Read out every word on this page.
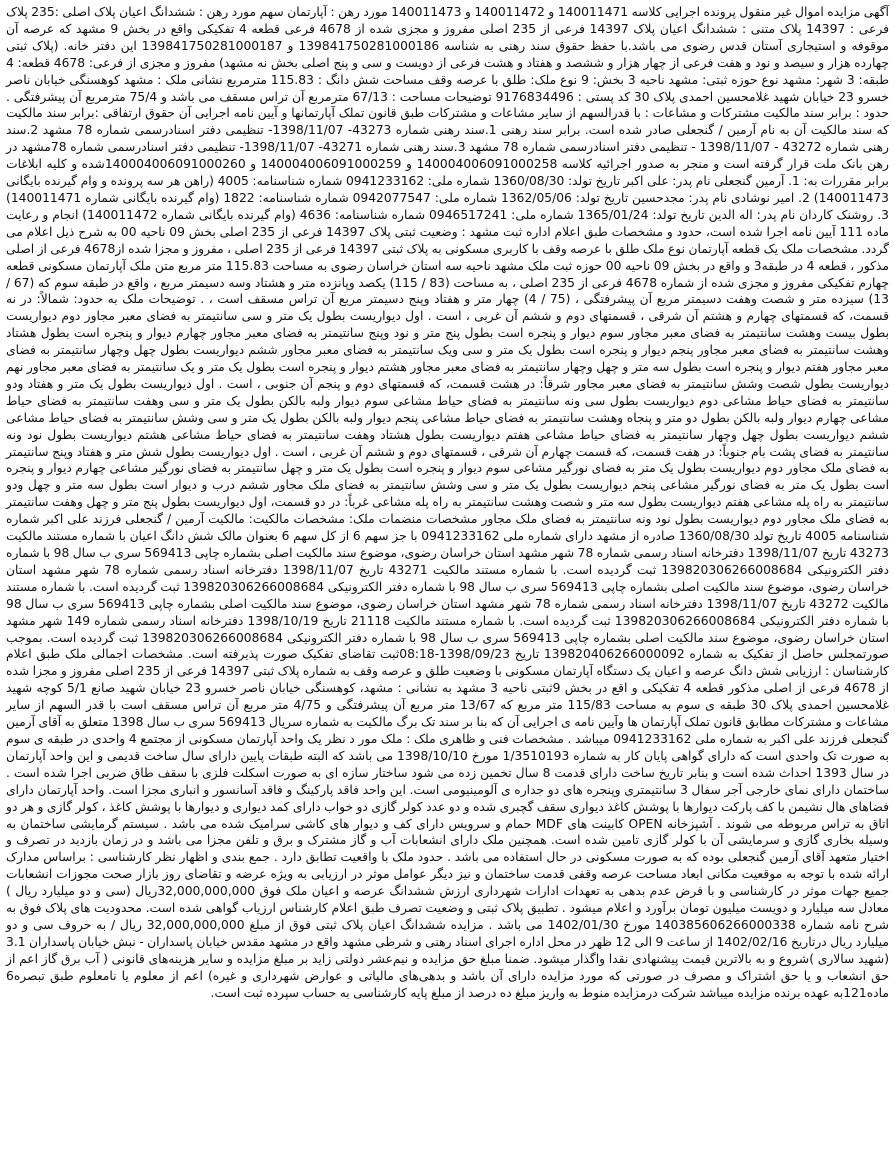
آگهی مزایده اموال غیر منقول پرونده اجرایی کلاسه 140011471 و 140011472 و 140011473 مورد رهن : آپارتمان سهم مورد رهن : ششدانگ اعیان پلاک اصلی :235 پلاک فرعی : 14397 پلاک متنی : ششدانگ اعیان پلاک 14397 فرعی از 235 اصلی مفروز و مجزی شده از 4678 فرعی قطعه 4 تفکیکی واقع در بخش 9 مشهد که عرصه آن موقوفه و استیجاری آستان قدس رضوی می باشد.با حفظ حقوق سند رهنی به شناسه 139841750281000186 و 139841750281000187 این دفتر خانه. (پلاک ثبتی چهارده هزار و سیصد و نود و هفت فرعی از چهار هزار و ششصد و هفتاد و هشت فرعی از دویست و سی و پنج اصلی بخش نه مشهد) مفروز و مجزی از فرعی: 4678 قطعه: 4 طبقه: 3 شهر: مشهد نوع حوزه ثبتی: مشهد ناحیه 3 بخش: 9 نوع ملک: طلق با عرصه وقف مساحت شش دانگ : 115.83 مترمربع نشانی ملک : مشهد کوهسنگی خیابان ناصر خسرو 23 خیابان شهید غلامحسین احمدی پلاک 30 کد پستی : 9176834496 توضیحات مساحت : 67/13 مترمربع آن تراس مسقف می باشد و 75/4 مترمربع آن پیشرفتگی . حدود : برابر سند مالکیت مشترکات و مشاعات : با قدرالسهم از سایر مشاعات و مشترکات طبق قانون تملک آپارتمانها و آیین نامه اجرایی آن حقوق ارتفاقی :برابر سند مالکیت که سند مالکیت آن به نام آرمین / گنجعلی صادر شده است. برابر سند رهنی 1.سند رهنی شماره 43273- 1398/11/07- تنظیمی دفتر اسنادرسمی شماره 78 مشهد 2.سند رهنی شماره 43272 - 1398/11/07 - تنظیمی دفتر اسنادرسمی شماره 78 مشهد 3.سند رهنی شماره 43271- 1398/11/07- تنظیمی دفتر اسنادرسمی شماره 78مشهد در رهن بانک ملت قرار گرفته است و منجر به صدور اجرائیه کلاسه 140004006091000258 و 140004006091000259 و 140004006091000260شده و کلیه ابلاغات برابر مقررات به: 1. آرمین گنجعلی نام پدر: علی اکبر تاریخ تولد: 1360/08/30 شماره ملی: 0941233162 شماره شناسنامه: 4005 (راهن هر سه پرونده و وام گیرنده بایگانی 140011473) 2. امیر نوشادی نام پدر: مجدحسین تاریخ تولد: 1362/05/06 شماره ملی: 0942077547 شماره شناسنامه: 1822 (وام گیرنده بایگانی شماره 140011471) 3. روشنک کاردان نام پدر: اله الدین تاریخ تولد: 1365/01/24 شماره ملی: 0946517241 شماره شناسنامه: 4636 (وام گیرنده بایگانی شماره 140011472) انجام و رعایت ماده 111 آیین نامه اجرا شده است، حدود و مشخصات طبق اعلام اداره ثبت مشهد : وضعیت ثبتی پلاک 14397 فرعی از 235 اصلی بخش 09 ناحیه 00 به شرح ذیل اعلام می گردد. مشخصات ملک یک قطعه آپارتمان نوع ملک طلق با عرصه وقف با کاربری مسکونی به پلاک ثبتی 14397 فرعی از 235 اصلی ، مفروز و مجزا شده از4678 فرعی از اصلی مذکور ، قطعه 4 در طبقه3 و واقع در بخش 09 ناحیه 00 حوزه ثبت ملک مشهد ناحیه سه استان خراسان رضوی به مساحت 115.83 متر مربع متن ملک آپارتمان مسکونی قطعه چهارم تفکیکی مفروز و مجزی شده از شماره 4678 فرعی از 235 اصلی ، به مساحت (83 / 115) یکصد وپانزده متر و هشتاد وسه دسیمتر مربع ، واقع در طبقه سوم که (67 / 13) سیزده متر و شصت وهفت دسیمتر مربع آن پیشرفتگی ، (75 / 4) چهار متر و هفتاد وپنج دسیمتر مربع آن تراس مسقف است ، . توضیحات ملک به حدود: شمالاً: در نه قسمت، که قسمتهای چهارم و هشتم آن شرقی ، قسمتهای دوم و ششم آن غربی ، است . اول دیواریست بطول یک متر و سی سانتیمتر به فضای معبر مجاور دوم دیواریست بطول بیست وهشت سانتیمتر به فضای معبر مجاور سوم دیوار و پنجره است بطول پنج متر و نود وپنج سانتیمتر به فضای معبر مجاور چهارم دیوار و پنجره است بطول هشتاد وهشت سانتیمتر به فضای معبر مجاور پنجم دیوار و پنجره است بطول یک متر و سی ویک سانتیمتر به فضای معبر مجاور ششم دیواریست بطول چهل وچهار سانتیمتر به فضای معبر مجاور هفتم دیوار و پنجره است بطول سه متر و چهل وچهار سانتیمتر به فضای معبر مجاور هشتم دیوار و پنجره است بطول یک متر و یک سانتیمتر به فضای معبر مجاور نهم دیواریست بطول شصت وشش سانتیمتر به فضای معبر مجاور شرقاً: در هشت قسمت، که قسمتهای دوم و پنجم آن جنوبی ، است . اول دیواریست بطول یک متر و هفتاد ودو سانتیمتر به فضای حیاط مشاعی دوم دیواریست بطول سی ونه سانتیمتر به فضای حیاط مشاعی سوم دیوار ولبه بالکن بطول یک متر و سی وهفت سانتیمتر به فضای حیاط مشاعی چهارم دیوار ولبه بالکن بطول دو متر و پنجاه وهشت سانتیمتر به فضای حیاط مشاعی پنجم دیوار ولبه بالکن بطول یک متر و سی وشش سانتیمتر به فضای حیاط مشاعی ششم دیواریست بطول چهل وچهار سانتیمتر به فضای حیاط مشاعی هفتم دیواریست بطول هشتاد وهفت سانتیمتر به فضای حیاط مشاعی هشتم دیواریست بطول نود ونه سانتیمتر به فضای پشت بام جنوباً: در هفت قسمت، که قسمت چهارم آن شرقی ، قسمتهای دوم و ششم آن غربی ، است . اول دیواریست بطول شش متر و هفتاد وپنج سانتیمتر به فضای ملک مجاور دوم دیواریست بطول یک متر به فضای نورگیر مشاعی سوم دیوار و پنجره است بطول یک متر و چهل سانتیمتر به فضای نورگیر مشاعی چهارم دیوار و پنجره است بطول یک متر به فضای نورگیر مشاعی پنجم دیواریست بطول یک متر و سی وشش سانتیمتر به فضای ملک مجاور ششم درب و دیوار است بطول سه متر و چهل ودو سانتیمتر به راه پله مشاعی هفتم دیواریست بطول سه متر و شصت وهشت سانتیمتر به راه پله مشاعی غرباً: در دو قسمت، اول دیواریست بطول پنج متر و چهل وهفت سانتیمتر به فضای ملک مجاور دوم دیواریست بطول نود ونه سانتیمتر به فضای ملک مجاور مشخصات منضمات ملک: مشخصات مالکیت: مالکیت آرمین / گنجعلی فرزند علی اکبر شماره شناسنامه 4005 تاریخ تولد 1360/08/30 صادره از مشهد دارای شماره ملی 0941233162 با جز سهم 6 از کل سهم 6 بعنوان مالک شش دانگ اعیان با شماره مستند مالکیت 43273 تاریخ 1398/11/07 دفترخانه اسناد رسمی شماره 78 شهر مشهد استان خراسان رضوی، موضوع سند مالکیت اصلی بشماره چاپی 569413 سری ب سال 98 با شماره دفتر الکترونیکی 139820306266008684 ثبت گردیده است. با شماره مستند مالکیت 43271 تاریخ 1398/11/07 دفترخانه اسناد رسمی شماره 78 شهر مشهد استان خراسان رضوی، موضوع سند مالکیت اصلی بشماره چاپی 569413 سری ب سال 98 با شماره دفتر الکترونیکی 139820306266008684 ثبت گردیده است. با شماره مستند مالکیت 43272 تاریخ 1398/11/07 دفترخانه اسناد رسمی شماره 78 شهر مشهد استان خراسان رضوی، موضوع سند مالکیت اصلی بشماره چاپی 569413 سری ب سال 98 با شماره دفتر الکترونیکی 139820306266008684 ثبت گردیده است. با شماره مستند مالکیت 21118 تاریخ 1398/10/19 دفترخانه اسناد رسمی شماره 149 شهر مشهد استان خراسان رضوی، موضوع سند مالکیت اصلی بشماره چاپی 569413 سری ب سال 98 با شماره دفتر الکترونیکی 139820306266008684 ثبت گردیده است. بموجب صورتمجلس حاصل از تفکیک به شماره 139820406266000092 تاریخ 1398/09/23-08:18ثبت تقاضای تفکیک صورت پذیرفته است. مشخصات اجمالی ملک طبق اعلام کارشناسان : ارزیابی شش دانگ عرصه و اعیان یک دستگاه آپارتمان مسکونی با وضعیت طلق و عرصه وقف به شماره پلاک ثبتی 14397 فرعی از 235 اصلی مفروز و مجزا شده از 4678 فرعی از اصلی مذکور قطعه 4 تفکیکی و اقع در بخش 9ثبتی ناحیه 3 مشهد به نشانی : مشهد، کوهسنگی خیابان ناصر خسرو 23 خیابان شهید صانع 5/1 کوچه شهید غلامحسین احمدی پلاک 30 طبقه ی سوم به مساحت 115/83 متر مربع که 13/67 متر مربع آن پیشرفتگی و 4/75 متر مربع آن تراس مسقف است با قدر السهم از سایر مشاعات و مشترکات مطابق قانون تملک آپارتمان ها وآیین نامه ی اجرایی آن که بنا بر سند تک برگ مالکیت به شماره سریال 569413 سری ب سال 1398 متعلق به آقای آرمین گنجعلی فرزند علی اکبر به شماره ملی 0941233162 میباشد . مشخصات فنی و ظاهری ملک : ملک مور د نظر یک واحد آپارتمان مسکونی از مجتمع 4 واحدی در طبقه ی سوم به صورت تک واحدی است که دارای گواهی پایان کار به شماره 1/3510193 مورخ 1398/10/10 می باشد که البته طبقات پایین دارای سال ساخت قدیمی و این واحد آپارتمان در سال 1393 احداث شده است و بنابر تاریخ ساخت دارای قدمت 8 سال تخمین زده می شود ساختار سازه ای به صورت اسکلت فلزی با سقف طاق ضربی اجرا شده است . ساختمان دارای نمای خارجی آجر سفال 3 سانتیمتری وپنجره های دو جداره ی آلومینیومی است. این واحد فاقد پارکینگ و فاقد آسانسور و انباری مجزا است. واحد آپارتمان دارای فضاهای هال نشیمن با کف پارکت دیوارها با پوشش کاغذ دیواری سقف گچبری شده و دو عدد کولر گازی دو خواب دارای کمد دیواری و دیوارها با پوشش کاغذ ، کولر گازی و هر دو اتاق به تراس مربوطه می شوند . آشپزخانه OPEN کابینت های MDF حمام و سرویس دارای کف و دیوار های کاشی سرامیک شده می باشد . سیستم گرمایشی ساختمان به وسیله بخاری گازی و سرمایشی آن با کولر گازی تامین شده است. همچنین ملک دارای انشعابات آب و گاز مشترک و برق و تلفن مجزا می باشد و در زمان بازدید در تصرف و اختیار متعهد آقای آرمین گنجعلی بوده که به صورت مسکونی در حال استفاده می باشد . حدود ملک با واقعیت تطابق دارد . جمع بندی و اظهار نظر کارشناسی : براساس مدارک ارائه شده با توجه به موقعیت مکانی ابعاد مساحت عرصه وقفی قدمت ساختمان و نیز دیگر عوامل موثر در ارزیابی به ویژه عرضه و تقاضای روز بازار صحت مجوزات انشعابات جمیع جهات موثر در کارشناسی و با فرض عدم بدهی به تعهدات ادارات شهرداری ارزش ششدانگ عرصه و اعیان ملک فوق 32,000,000,000ریال (سی و دو میلیارد ریال ) معادل سه میلیارد و دویست میلیون تومان برآورد و اعلام میشود . تطبیق پلاک ثبتی و وضعیت تصرف طبق اعلام کارشناس ارزیاب گواهی شده است. محدودیت های پلاک فوق به شرح نامه شماره 140385606266000338 مورخ 1402/01/30 می باشد . مزایده ششدانگ اعیان پلاک ثبتی فوق از مبلغ 32,000,000,000 ریال / به حروف سی و دو میلیارد ریال درتاریخ 1402/02/16 از ساعت 9 الی 12 ظهر در محل اداره اجرای اسناد رهنی و شرطی مشهد واقع در مشهد مقدس خیابان پاسداران - نبش خیابان پاسداران 3.1 (شهید سالاری )شروع و به بالاترین قیمت پیشنهادی نقدا واگذار میشود. ضمنا مبلغ حق مزایده و نیم‌عشر دولتی زاید بر مبلغ مزایده و سایر هزینه‌های قانونی ( آب برق گاز اعم از حق انشعاب و یا حق اشتراک و مصرف در صورتی که مورد مزایده دارای آن باشد و بدهی‌های مالیاتی و عوارض شهرداری و غیره) اعم از معلوم یا نامعلوم طبق تبصره6 ماده121به عهده برنده مزایده میباشد شرکت درمزایده منوط به واریز مبلغ ده درصد از مبلغ پایه کارشناسی به حساب سپرده ثبت است.
